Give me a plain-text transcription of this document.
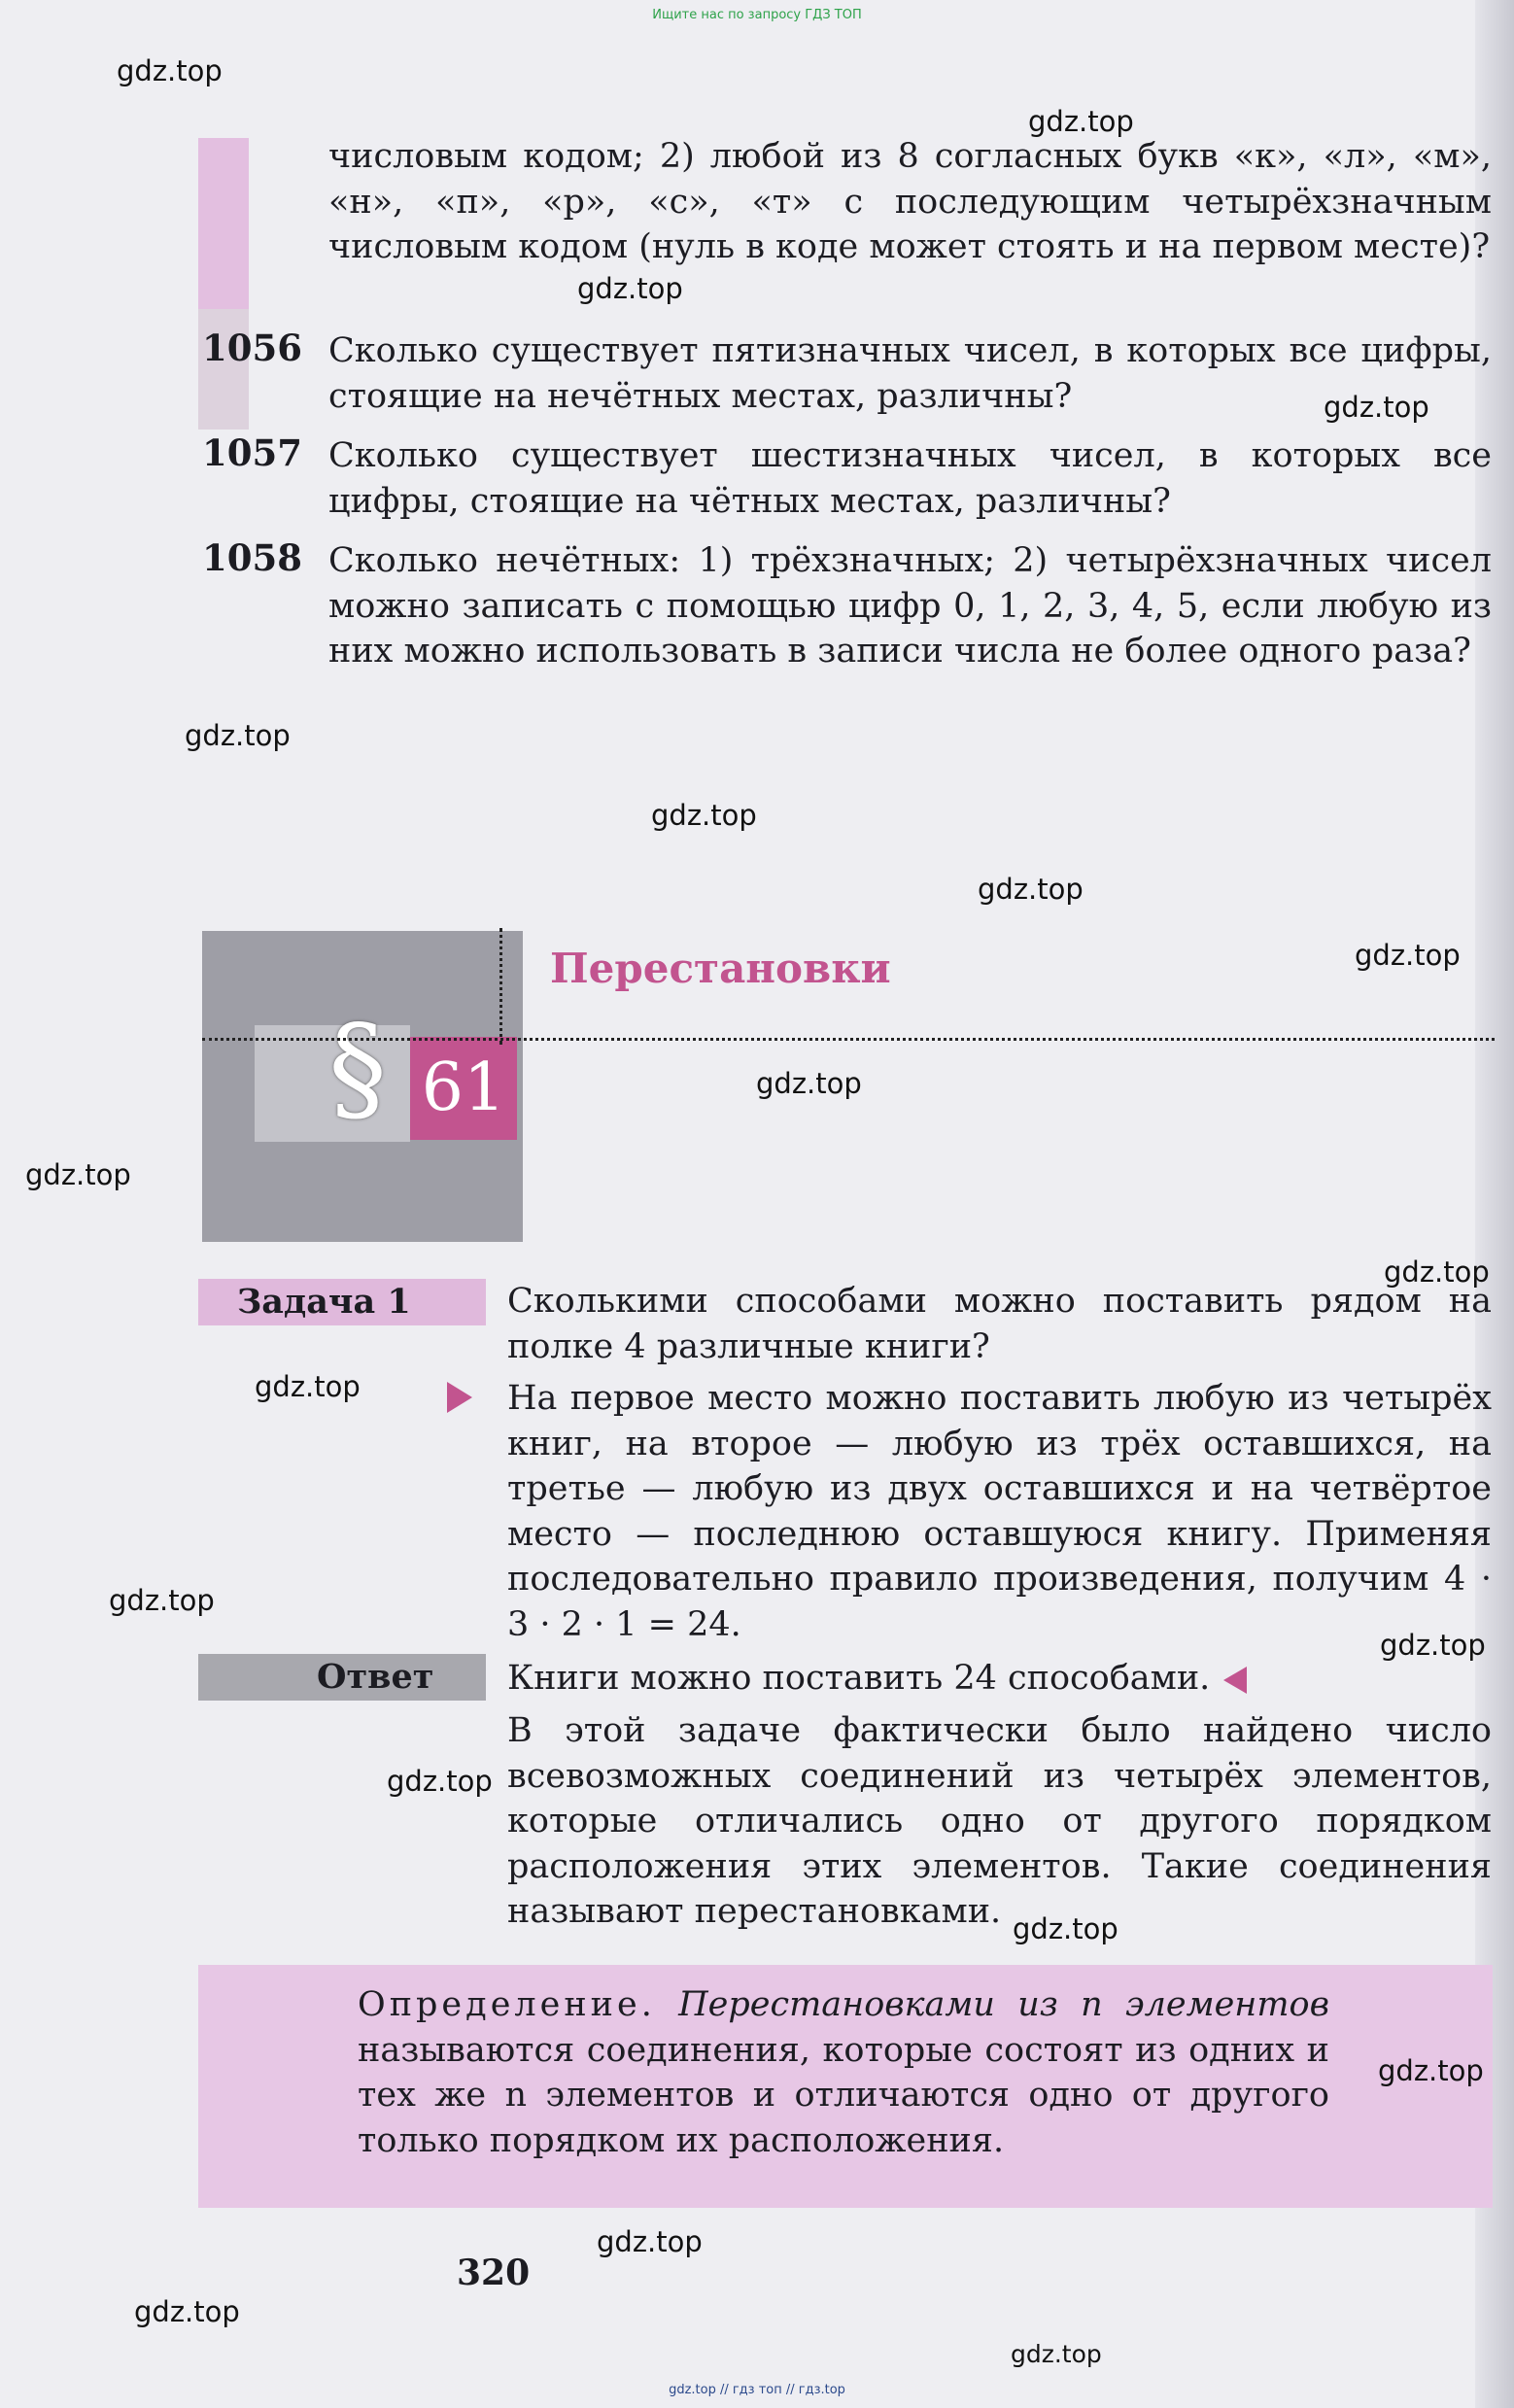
Ищите нас по запросу ГДЗ ТОП
числовым кодом; 2) любой из 8 согласных букв «к», «л», «м», «н», «п», «р», «с», «т» с последующим четырёхзначным числовым кодом (нуль в коде может стоять и на первом месте)?
1056 Сколько существует пятизначных чисел, в которых все цифры, стоящие на нечётных местах, различны?
1057 Сколько существует шестизначных чисел, в которых все цифры, стоящие на чётных местах, различны?
1058 Сколько нечётных: 1) трёхзначных; 2) четырёхзначных чисел можно записать с помощью цифр 0, 1, 2, 3, 4, 5, если любую из них можно использовать в записи числа не более одного раза?
§ 61
Перестановки
Задача 1	Сколькими способами можно поставить рядом на полке 4 различные книги?
На первое место можно поставить любую из четырёх книг, на второе — любую из трёх оставшихся, на третье — любую из двух оставшихся и на четвёртое место — последнюю оставшуюся книгу. Применяя последовательно правило произведения, получим 4 · 3 · 2 · 1 = 24.
Ответ	Книги можно поставить 24 способами.
В этой задаче фактически было найдено число всевозможных соединений из четырёх элементов, которые отличались одно от другого порядком расположения этих элементов. Такие соединения называют перестановками.
Определение. Перестановками из n элементов называются соединения, которые состоят из одних и тех же n элементов и отличаются одно от другого только порядком их расположения.
320
gdz.top
gdz.top
gdz.top
gdz.top
gdz.top
gdz.top
gdz.top
gdz.top
gdz.top
gdz.top
gdz.top
gdz.top
gdz.top
gdz.top
gdz.top
gdz.top
gdz.top
gdz.top
gdz.top
gdz.top
gdz.top // гдз топ // гдз.top
